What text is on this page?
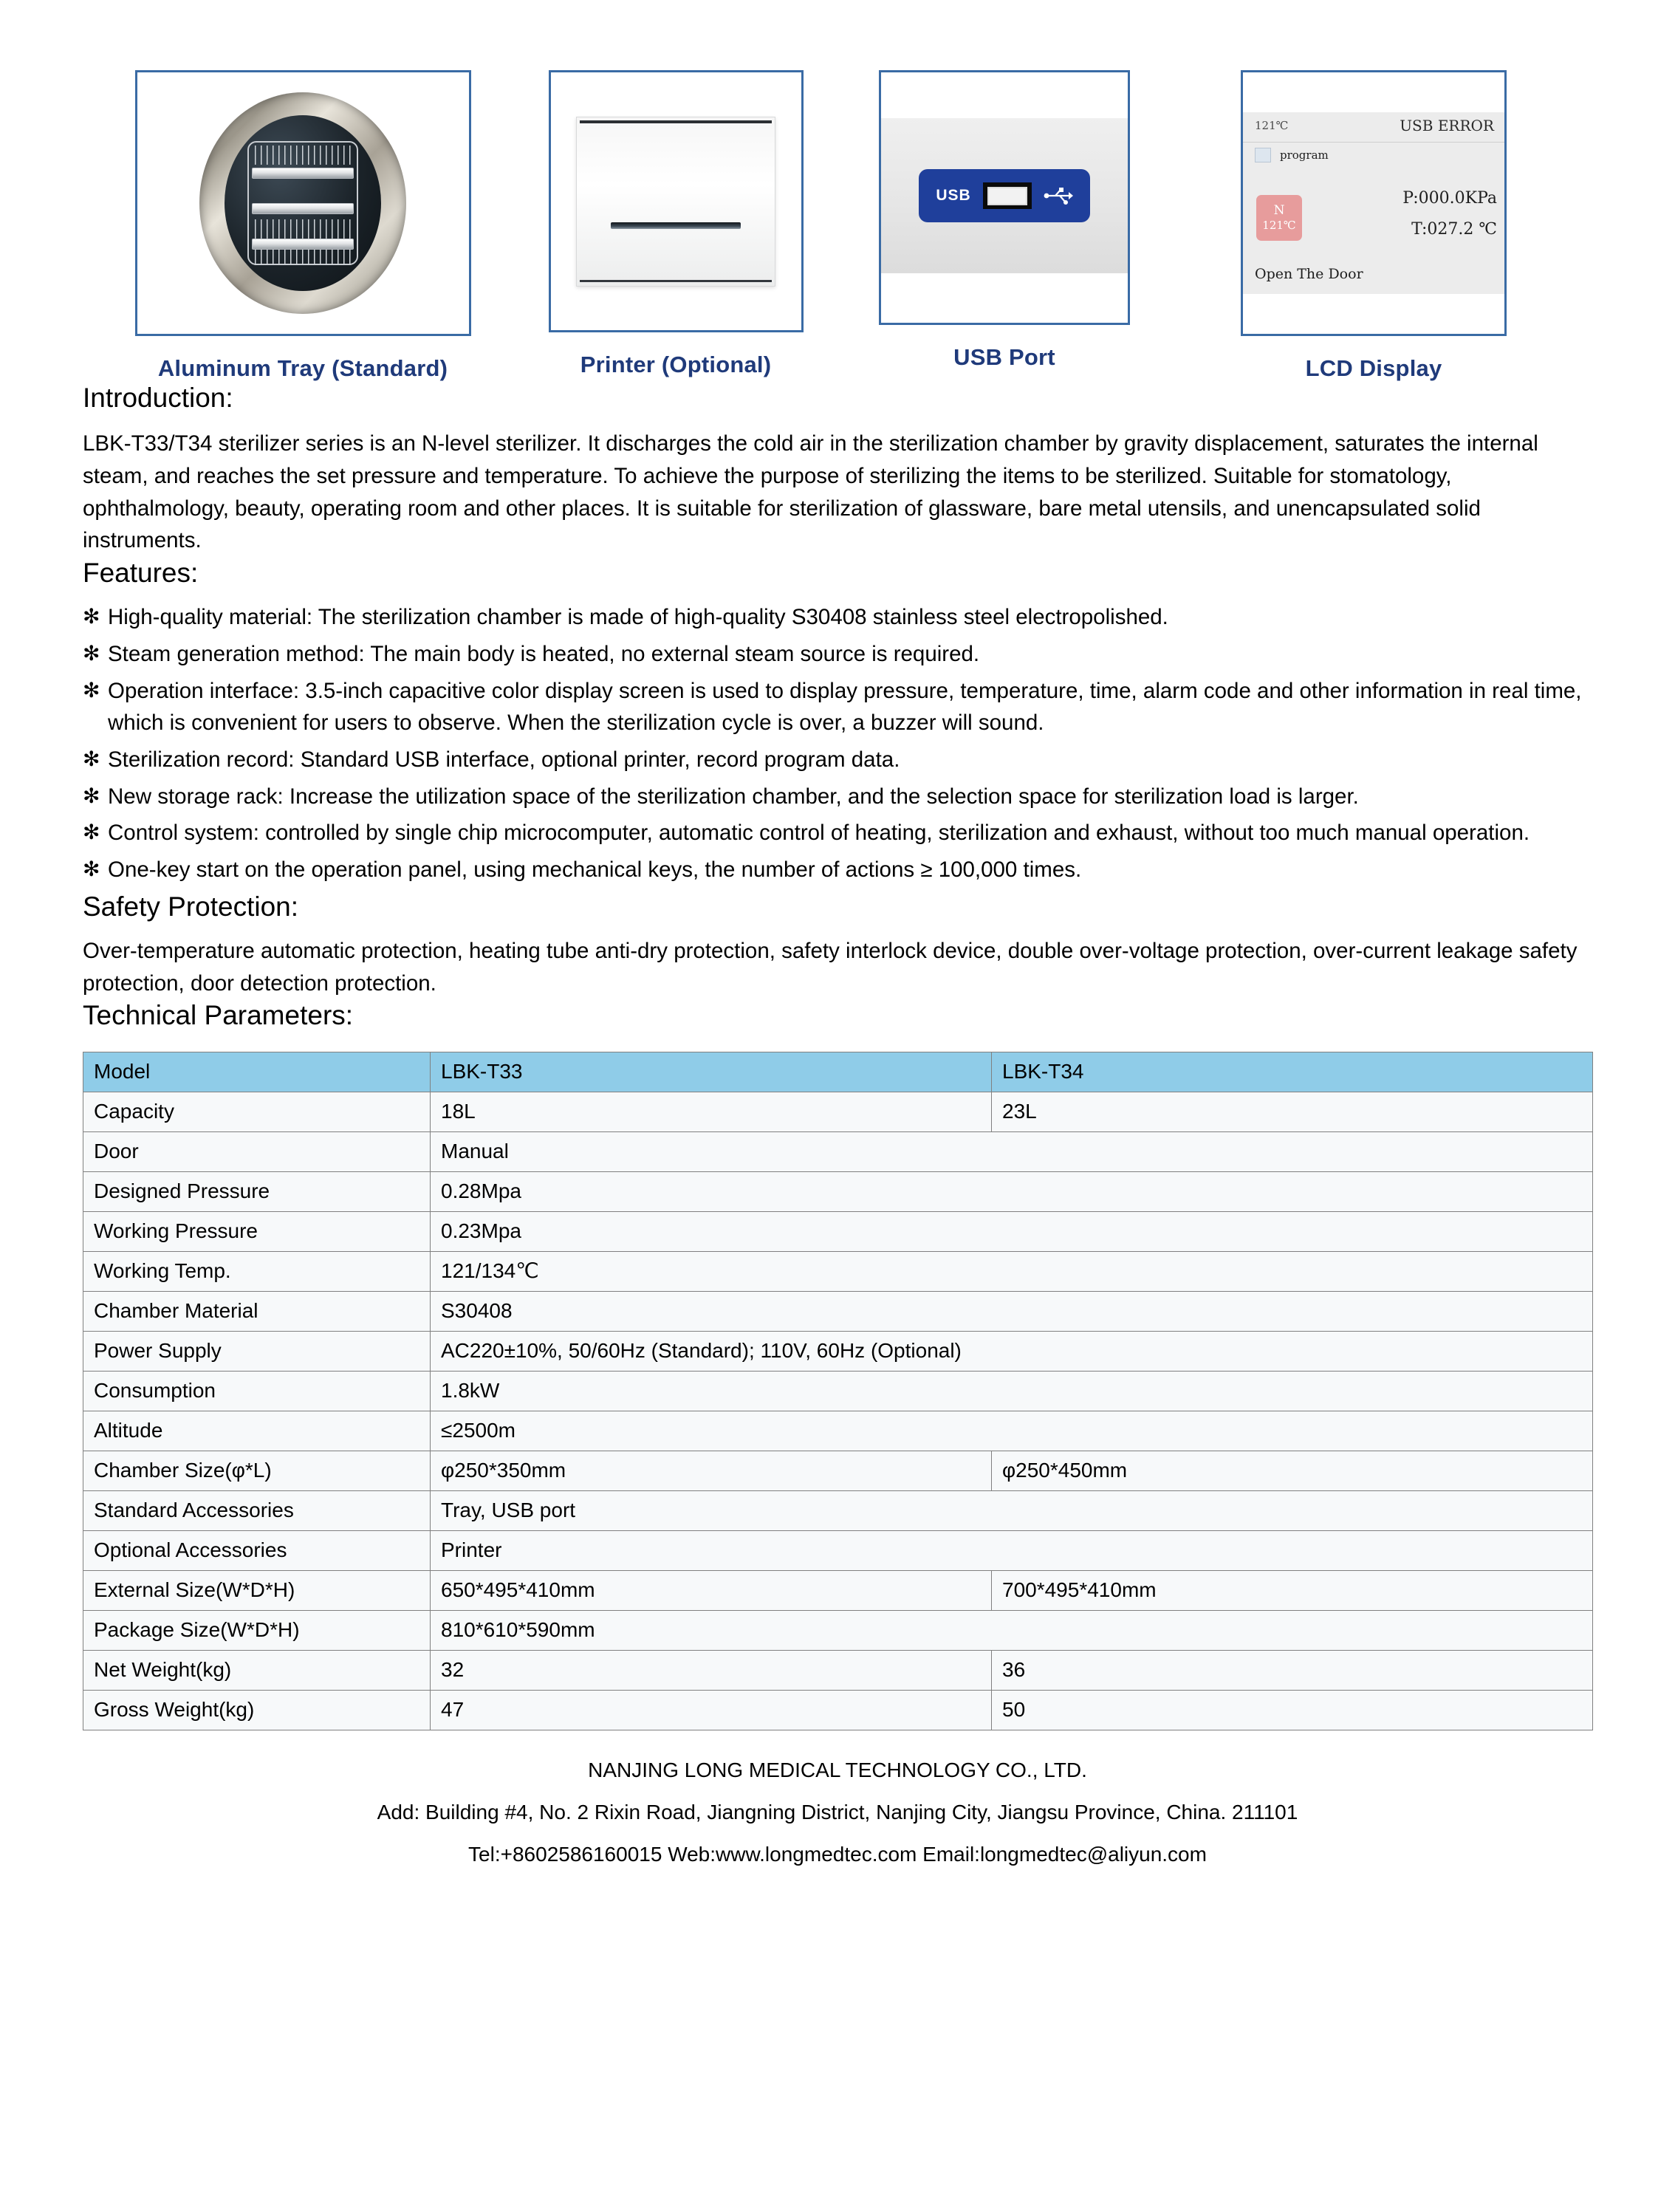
Aluminum Tray (Standard)	Printer (Optional)
USB
USB Port
121℃	USB ERROR
program
N
121℃
P:000.0KPa
T:027.2 ℃
Open The Door
LCD Display
Introduction:

LBK-T33/T34 sterilizer series is an N-level sterilizer. It discharges the cold air in the sterilization chamber by gravity displacement, saturates the internal steam, and reaches the set pressure and temperature. To achieve the purpose of sterilizing the items to be sterilized. Suitable for stomatology, ophthalmology, beauty, operating room and other places. It is suitable for sterilization of glassware, bare metal utensils, and unencapsulated solid instruments.

Features:
✻ High-quality material: The sterilization chamber is made of high-quality S30408 stainless steel electropolished.
✻ Steam generation method: The main body is heated, no external steam source is required.
✻ Operation interface: 3.5-inch capacitive color display screen is used to display pressure, temperature, time, alarm code and other information in real time, which is convenient for users to observe. When the sterilization cycle is over, a buzzer will sound.
✻ Sterilization record: Standard USB interface, optional printer, record program data.
✻ New storage rack: Increase the utilization space of the sterilization chamber, and the selection space for sterilization load is larger.
✻ Control system: controlled by single chip microcomputer, automatic control of heating, sterilization and exhaust, without too much manual operation.
✻ One-key start on the operation panel, using mechanical keys, the number of actions ≥ 100,000 times.
Safety Protection:

Over-temperature automatic protection, heating tube anti-dry protection, safety interlock device, double over-voltage protection, over-current leakage safety protection, door detection protection.

Technical Parameters:
Model	LBK-T33	LBK-T34
Capacity	18L	23L
Door	Manual	
Designed Pressure	0.28Mpa	
Working Pressure	0.23Mpa	
Working Temp.	121/134℃	
Chamber Material	S30408	
Power Supply	AC220±10%, 50/60Hz (Standard); 110V, 60Hz (Optional)	
Consumption	1.8kW	
Altitude	≤2500m	
Chamber Size(φ*L)	φ250*350mm	φ250*450mm
Standard Accessories	Tray, USB port	
Optional Accessories	Printer	
External Size(W*D*H)	650*495*410mm	700*495*410mm
Package Size(W*D*H)	810*610*590mm	
Net Weight(kg)	32	36
Gross Weight(kg)	47	50
NANJING LONG MEDICAL TECHNOLOGY CO., LTD.
Add: Building #4, No. 2 Rixin Road, Jiangning District, Nanjing City, Jiangsu Province, China. 211101
Tel:+8602586160015 Web:www.longmedtec.com Email:longmedtec@aliyun.com
